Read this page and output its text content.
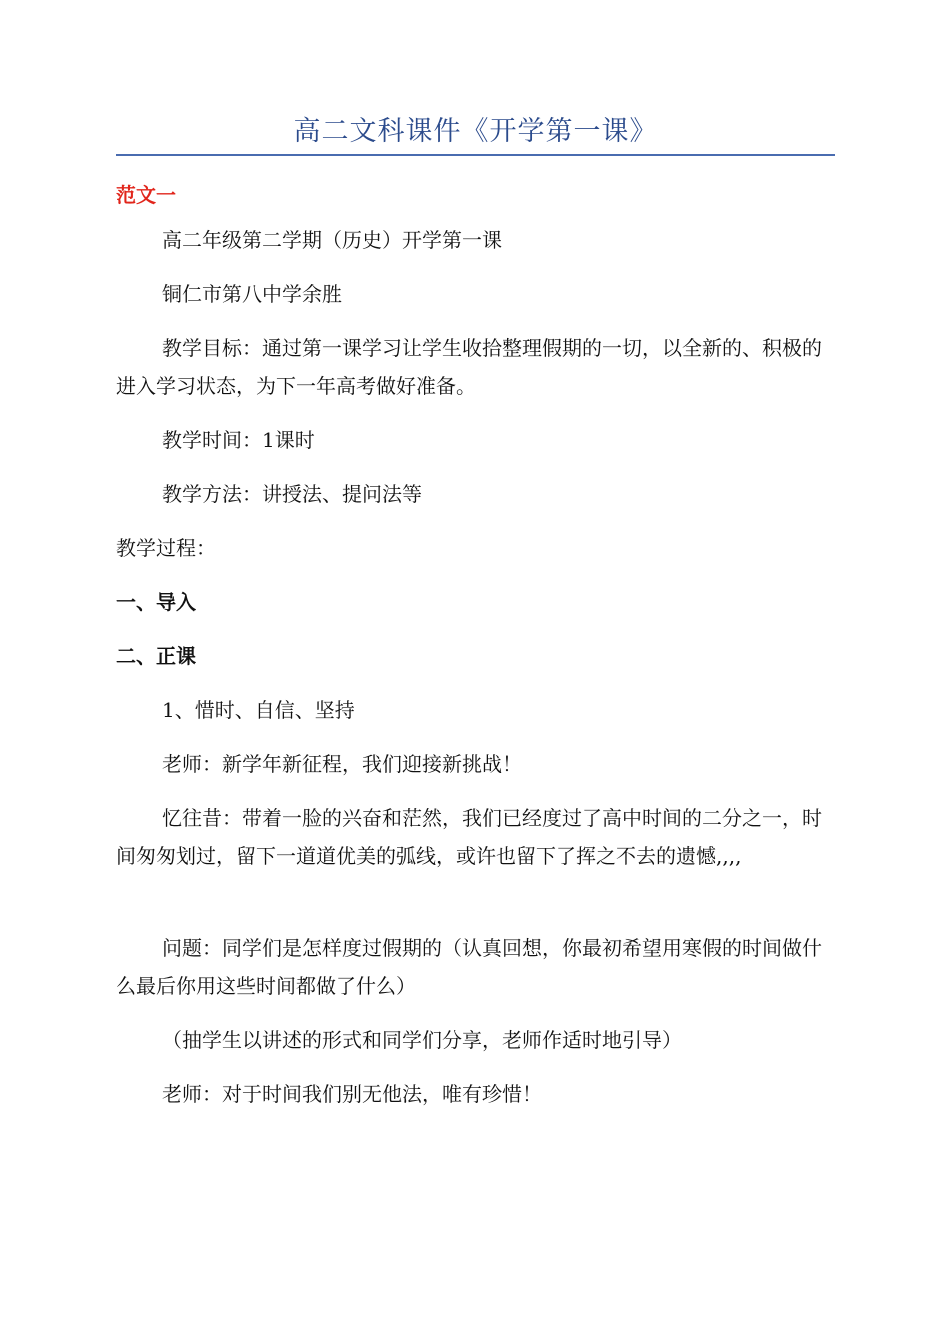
高二文科课件《开学第一课》
范文一
高二年级第二学期（历史）开学第一课
铜仁市第八中学余胜
教学目标：通过第一课学习让学生收拾整理假期的一切，以全新的、积极的进入学习状态，为下一年高考做好准备。
教学时间：1课时
教学方法：讲授法、提问法等
教学过程：
一、导入
二、正课
1、惜时、自信、坚持
老师：新学年新征程，我们迎接新挑战！
忆往昔：带着一脸的兴奋和茫然，我们已经度过了高中时间的二分之一，时间匆匆划过，留下一道道优美的弧线，或许也留下了挥之不去的遗憾,,,,
问题：同学们是怎样度过假期的（认真回想，你最初希望用寒假的时间做什么最后你用这些时间都做了什么）
（抽学生以讲述的形式和同学们分享，老师作适时地引导）
老师：对于时间我们别无他法，唯有珍惜！
